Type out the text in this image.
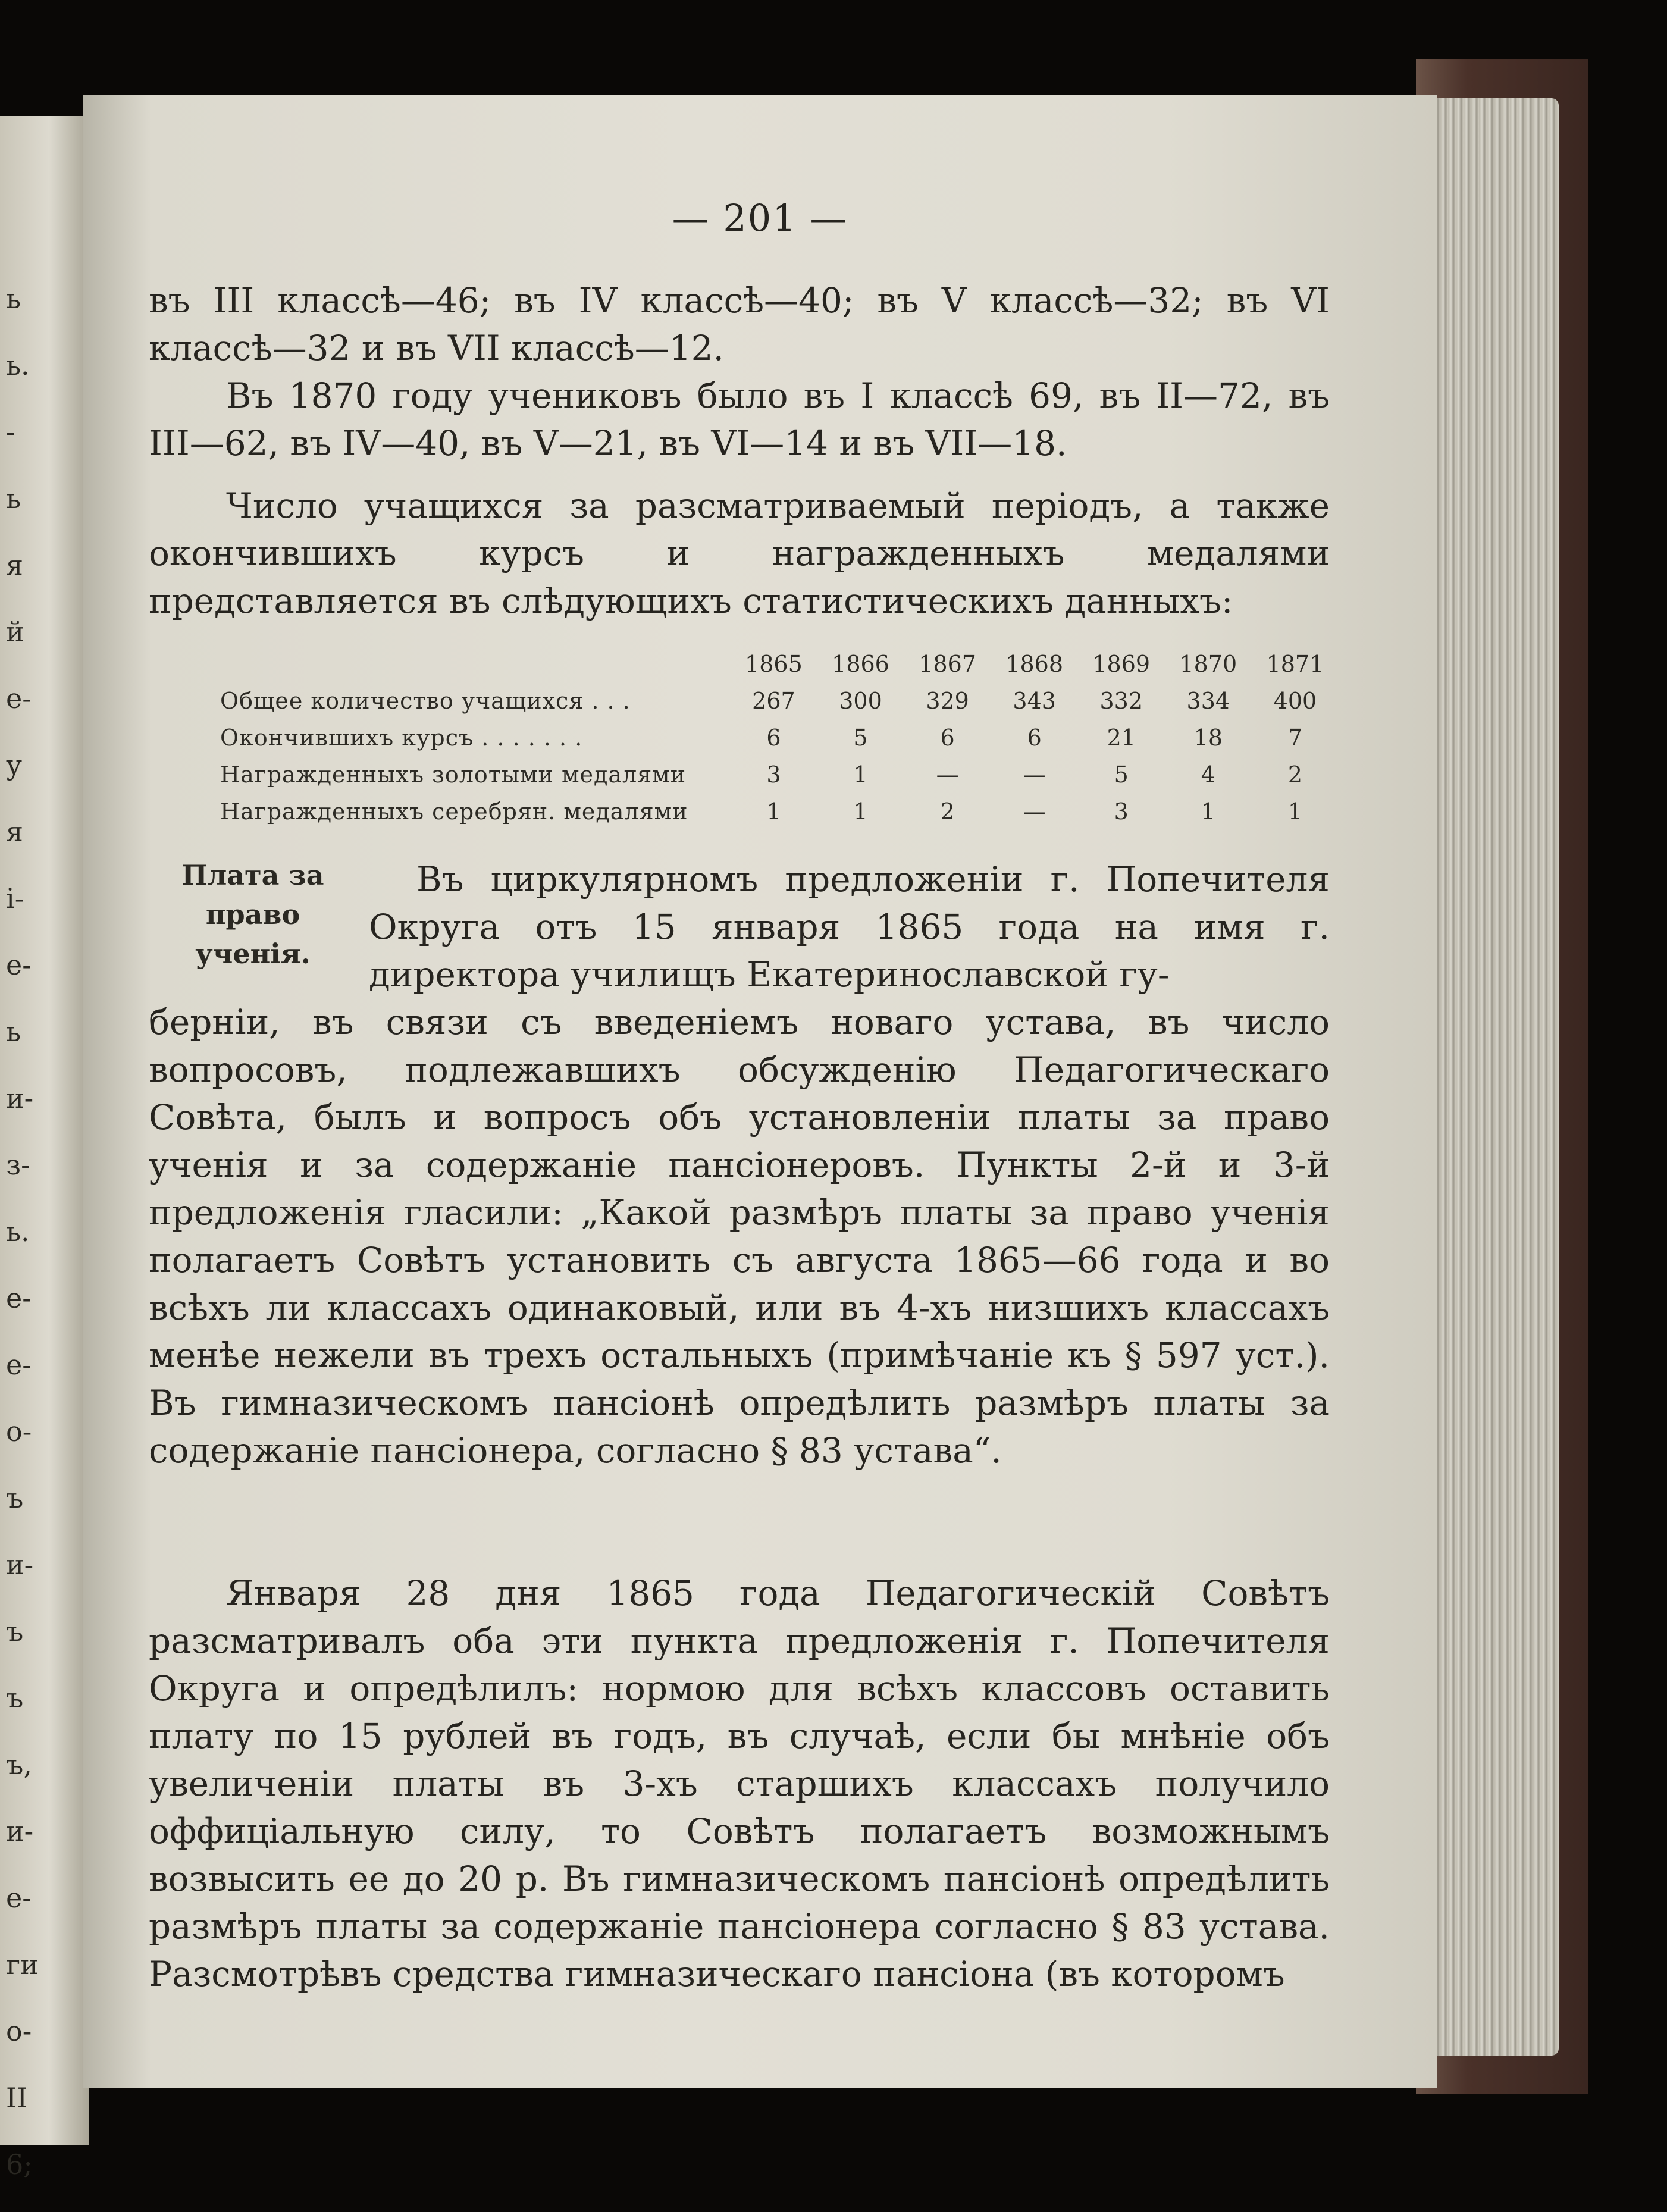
ь
ь.
-
ь
я
й
е-
у
я
і-
е-
ь
и-
з-
ь.
е-
е-
о-
ъ
и-
ъ
ъ
ъ,
и-
е-
ги
о-
II
6;
— 201 —
въ III классѣ—46; въ IV классѣ—40; въ V классѣ—32; въ VI классѣ—32 и въ VII классѣ—12.
Въ 1870 году учениковъ было въ I классѣ 69, въ II—72, въ III—62, въ IV—40, въ V—21, въ VI—14 и въ VII—18.
Число учащихся за разсматриваемый періодъ, а также окончившихъ курсъ и награжденныхъ медалями представляется въ слѣдующихъ статистическихъ данныхъ:
	1865	1866	1867	1868	1869	1870	1871
Общее количество учащихся . . .	267	300	329	343	332	334	400
Окончившихъ курсъ . . . . . . .	6	5	6	6	21	18	7
Награжденныхъ золотыми медалями	3	1	—	—	5	4	2
Награжденныхъ серебрян. медалями	1	1	2	—	3	1	1
Плата за право ученія.
Въ циркулярномъ предложеніи г. Попечителя Округа отъ 15 января 1865 года на имя г. директора училищъ Екатеринославской гу-
берніи, въ связи съ введеніемъ новаго устава, въ число вопросовъ, подлежавшихъ обсужденію Педагогическаго Совѣта, былъ и вопросъ объ установленіи платы за право ученія и за содержаніе пансіонеровъ. Пункты 2-й и 3-й предложенія гласили: „Какой размѣръ платы за право ученія полагаетъ Совѣтъ установить съ августа 1865—66 года и во всѣхъ ли классахъ одинаковый, или въ 4-хъ низшихъ классахъ менѣе нежели въ трехъ остальныхъ (примѣчаніе къ § 597 уст.). Въ гимназическомъ пансіонѣ опредѣлить размѣръ платы за содержаніе пансіонера, согласно § 83 устава“.
Января 28 дня 1865 года Педагогическій Совѣтъ разсматривалъ оба эти пункта предложенія г. Попечителя Округа и опредѣлилъ: нормою для всѣхъ классовъ оставить плату по 15 рублей въ годъ, въ случаѣ, если бы мнѣніе объ увеличеніи платы въ 3-хъ старшихъ классахъ получило оффиціальную силу, то Совѣтъ полагаетъ возможнымъ возвысить ее до 20 р. Въ гимназическомъ пансіонѣ опредѣлить размѣръ платы за содержаніе пансіонера согласно § 83 устава. Разсмотрѣвъ средства гимназическаго пансіона (въ которомъ
